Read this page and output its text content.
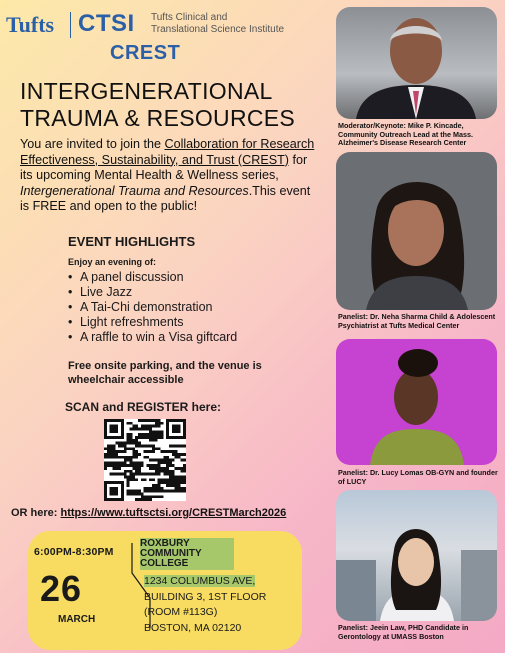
Tufts CTSI Tufts Clinical and
Translational Science Institute
CREST
INTERGENERATIONAL
TRAUMA & RESOURCES
You are invited to join the Collaboration for Research Effectiveness, Sustainability, and Trust (CREST) for its upcoming Mental Health & Wellness series, Intergenerational Trauma and Resources.This event is FREE and open to the public!
EVENT HIGHLIGHTS
Enjoy an evening of:
• A panel discussion
• Live Jazz
• A Tai-Chi demonstration
• Light refreshments
• A raffle to win a Visa giftcard
Free onsite parking, and the venue is wheelchair accessible
SCAN and REGISTER here:
OR here: https://www.tuftsctsi.org/CRESTMarch2026
6:00PM-8:30PM
26
MARCH
ROXBURY
COMMUNITY
COLLEGE
1234 COLUMBUS AVE,
BUILDING 3, 1ST FLOOR
(ROOM #113G)
BOSTON, MA 02120
Moderator/Keynote: Mike P. Kincade, Community Outreach Lead at the Mass. Alzheimer's Disease Research Center
Panelist: Dr. Neha Sharma Child & Adolescent Psychiatrist at Tufts Medical Center
Panelist: Dr. Lucy Lomas OB-GYN and founder of LUCY
Panelist: Jeein Law, PHD Candidate in Gerontology at UMASS Boston
